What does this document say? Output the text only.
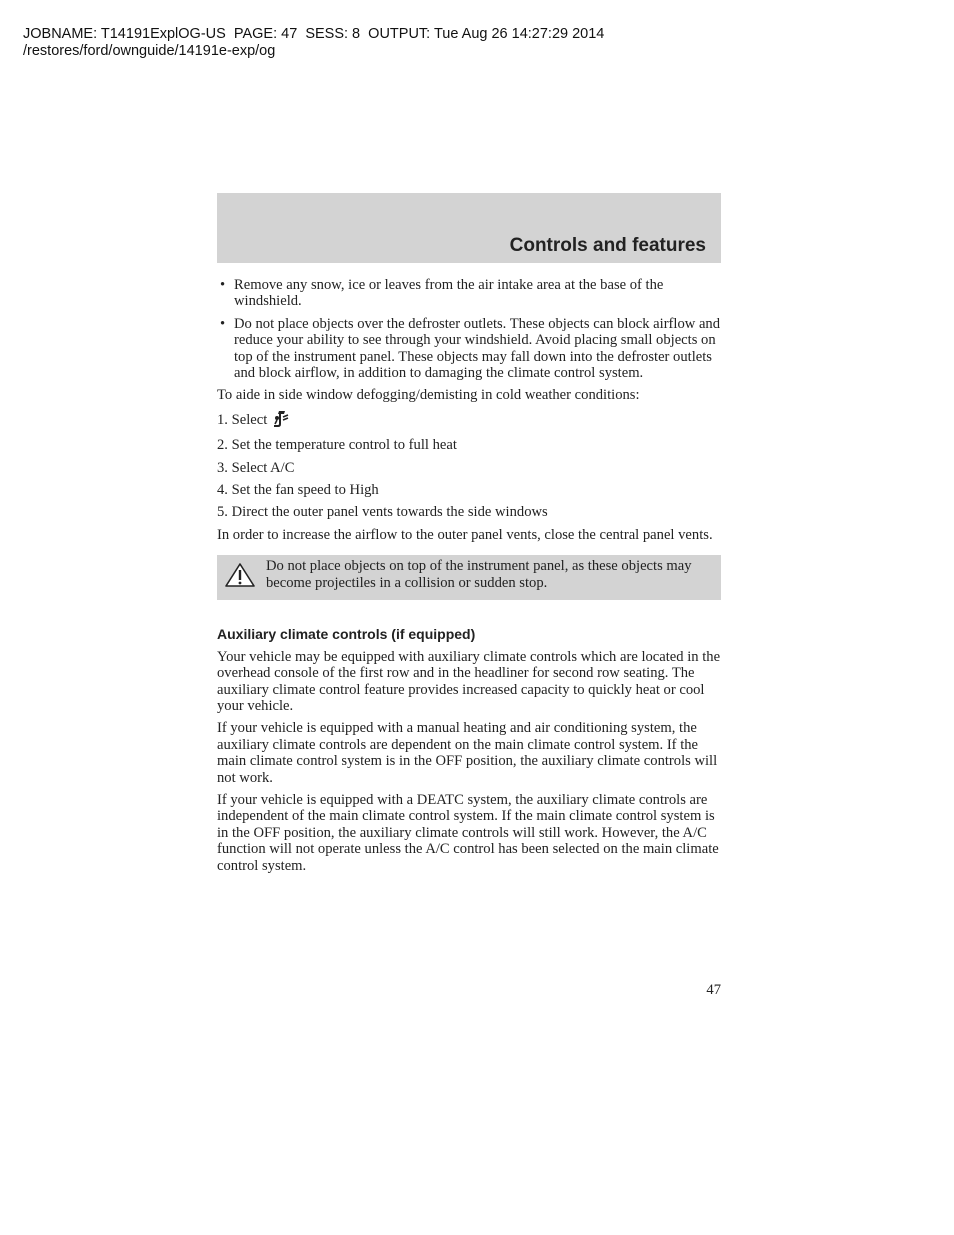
JOBNAME: T14191ExplOG-US  PAGE: 47  SESS: 8  OUTPUT: Tue Aug 26 14:27:29 2014
/restores/ford/ownguide/14191e-exp/og
Controls and features
• Remove any snow, ice or leaves from the air intake area at the base of the windshield.
• Do not place objects over the defroster outlets. These objects can block airflow and reduce your ability to see through your windshield. Avoid placing small objects on top of the instrument panel. These objects may fall down into the defroster outlets and block airflow, in addition to damaging the climate control system.

To aide in side window defogging/demisting in cold weather conditions:

1. Select
2. Set the temperature control to full heat
3. Select A/C
4. Set the fan speed to High
5. Direct the outer panel vents towards the side windows

In order to increase the airflow to the outer panel vents, close the central panel vents.

Do not place objects on top of the instrument panel, as these objects may become projectiles in a collision or sudden stop.
Auxiliary climate controls (if equipped)

Your vehicle may be equipped with auxiliary climate controls which are located in the overhead console of the first row and in the headliner for second row seating. The auxiliary climate control feature provides increased capacity to quickly heat or cool your vehicle.

If your vehicle is equipped with a manual heating and air conditioning system, the auxiliary climate controls are dependent on the main climate control system. If the main climate control system is in the OFF position, the auxiliary climate controls will not work.

If your vehicle is equipped with a DEATC system, the auxiliary climate controls are independent of the main climate control system. If the main climate control system is in the OFF position, the auxiliary climate controls will still work. However, the A/C function will not operate unless the A/C control has been selected on the main climate control system.

47
